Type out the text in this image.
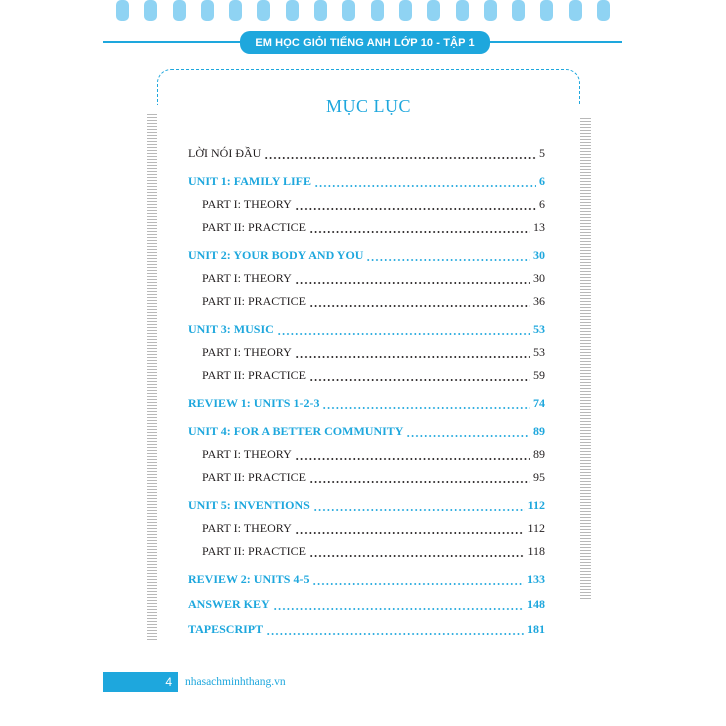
EM HỌC GIỎI TIẾNG ANH LỚP 10 - TẬP 1
MỤC LỤC
LỜI NÓI ĐẦU	5
UNIT 1: FAMILY LIFE	6
PART I: THEORY	6
PART II: PRACTICE	13
UNIT 2: YOUR BODY AND YOU	30
PART I: THEORY	30
PART II: PRACTICE	36
UNIT 3: MUSIC	53
PART I: THEORY	53
PART II: PRACTICE	59
REVIEW 1: UNITS 1-2-3	74
UNIT 4: FOR A BETTER COMMUNITY	89
PART I: THEORY	89
PART II: PRACTICE	95
UNIT 5: INVENTIONS	112
PART I: THEORY	112
PART II: PRACTICE	118
REVIEW 2: UNITS 4-5	133
ANSWER KEY	148
TAPESCRIPT	181
4	nhasachminhthang.vn
